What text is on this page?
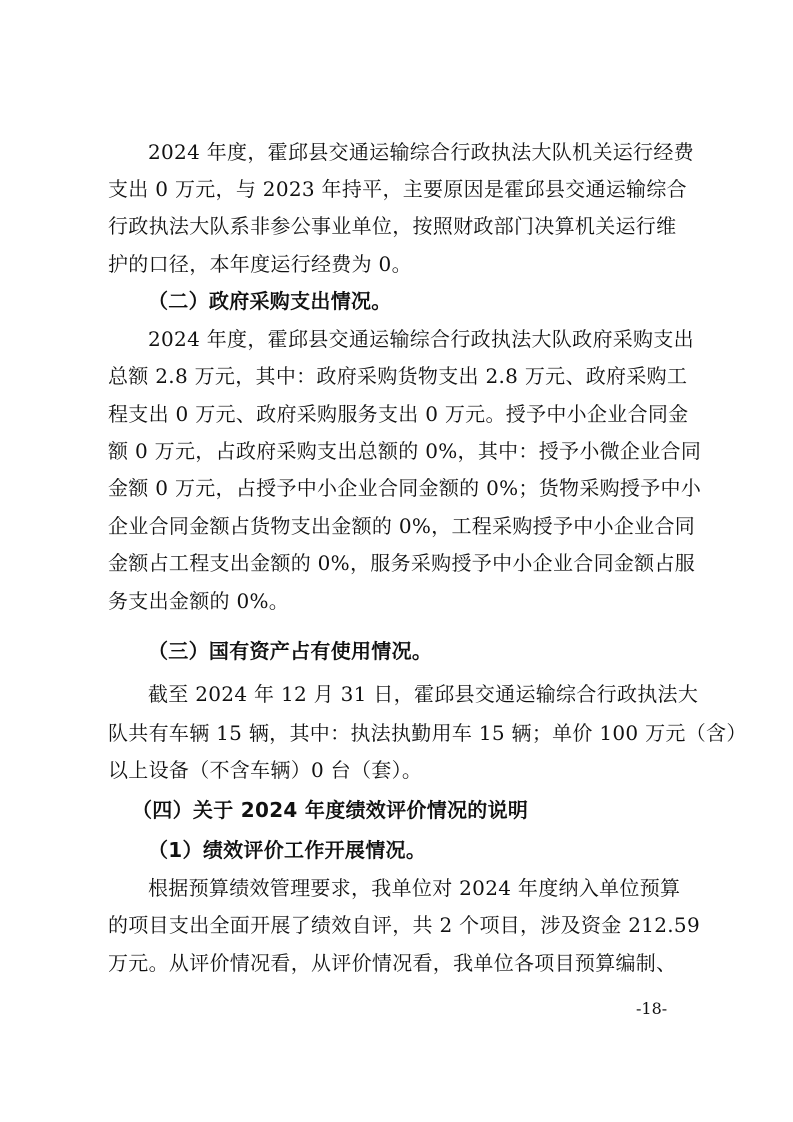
2024 年度，霍邱县交通运输综合行政执法大队机关运行经费
支出 0 万元，与 2023 年持平，主要原因是霍邱县交通运输综合
行政执法大队系非参公事业单位，按照财政部门决算机关运行维
护的口径，本年度运行经费为 0。
（二）政府采购支出情况。
2024 年度，霍邱县交通运输综合行政执法大队政府采购支出
总额 2.8 万元，其中：政府采购货物支出 2.8 万元、政府采购工
程支出 0 万元、政府采购服务支出 0 万元。授予中小企业合同金
额 0 万元，占政府采购支出总额的 0%，其中：授予小微企业合同
金额 0 万元，占授予中小企业合同金额的 0%；货物采购授予中小
企业合同金额占货物支出金额的 0%，工程采购授予中小企业合同
金额占工程支出金额的 0%，服务采购授予中小企业合同金额占服
务支出金额的 0%。
（三）国有资产占有使用情况。
截至 2024 年 12 月 31 日，霍邱县交通运输综合行政执法大
队共有车辆 15 辆，其中：执法执勤用车 15 辆；单价 100 万元（含）
以上设备（不含车辆）0 台（套）。
（四）关于 2024 年度绩效评价情况的说明
（1）绩效评价工作开展情况。
根据预算绩效管理要求，我单位对 2024 年度纳入单位预算
的项目支出全面开展了绩效自评，共 2 个项目，涉及资金 212.59
万元。从评价情况看，从评价情况看，我单位各项目预算编制、
-18-
